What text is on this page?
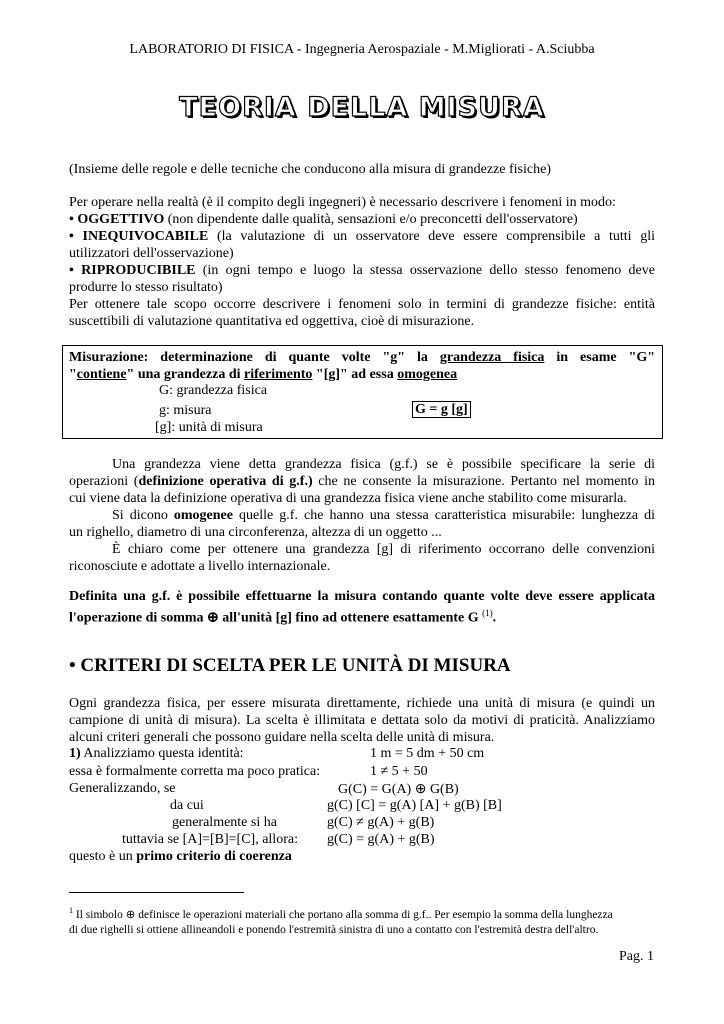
LABORATORIO DI FISICA - Ingegneria Aerospaziale - M.Migliorati - A.Sciubba
TEORIA DELLA MISURA
(Insieme delle regole e delle tecniche che conducono alla misura di grandezze fisiche)
Per operare nella realtà (è il compito degli ingegneri) è necessario descrivere i fenomeni in modo:
• OGGETTIVO (non dipendente dalle qualità, sensazioni e/o preconcetti dell'osservatore)
• INEQUIVOCABILE (la valutazione di un osservatore deve essere comprensibile a tutti gli
utilizzatori dell'osservazione)
• RIPRODUCIBILE (in ogni tempo e luogo la stessa osservazione dello stesso fenomeno deve
produrre lo stesso risultato)
Per ottenere tale scopo occorre descrivere i fenomeni solo in termini di grandezze fisiche: entità
suscettibili di valutazione quantitativa ed oggettiva, cioè di misurazione.
Misurazione: determinazione di quante volte "g" la grandezza fisica in esame "G"
"contiene" una grandezza di riferimento "[g]" ad essa omogenea
G: grandezza fisica
g: misura
[g]: unità di misura
G = g [g]
Una grandezza viene detta grandezza fisica (g.f.) se è possibile specificare la serie di
operazioni (definizione operativa di g.f.) che ne consente la misurazione. Pertanto nel momento in
cui viene data la definizione operativa di una grandezza fisica viene anche stabilito come misurarla.
Si dicono omogenee quelle g.f. che hanno una stessa caratteristica misurabile: lunghezza di
un righello, diametro di una circonferenza, altezza di un oggetto ...
È chiaro come per ottenere una grandezza [g] di riferimento occorrano delle convenzioni
riconosciute e adottate a livello internazionale.
Definita una g.f. è possibile effettuarne la misura contando quante volte deve essere applicata
l'operazione di somma ⊕ all'unità [g] fino ad ottenere esattamente G $^{(1)}$.
• CRITERI DI SCELTA PER LE UNITÀ DI MISURA
Ogni grandezza fisica, per essere misurata direttamente, richiede una unità di misura (e quindi un
campione di unità di misura). La scelta è illimitata e dettata solo da motivi di praticità. Analizziamo
alcuni criteri generali che possono guidare nella scelta delle unità di misura.
1) Analizziamo questa identità:	1 m = 5 dm + 50 cm
essa è formalmente corretta ma poco pratica:	1 ≠ 5 + 50
Generalizzando, se	G(C) = G(A) ⊕ G(B)
da cui	g(C) [C] = g(A) [A] + g(B) [B]
generalmente si ha	g(C) ≠ g(A) + g(B)
tuttavia se [A]=[B]=[C], allora: g(C) = g(A) + g(B)
questo è un primo criterio di coerenza
$^1$ Il simbolo ⊕ definisce le operazioni materiali che portano alla somma di g.f.. Per esempio la somma della lunghezza
di due righelli si ottiene allineandoli e ponendo l'estremità sinistra di uno a contatto con l'estremità destra dell'altro.
Pag. 1
